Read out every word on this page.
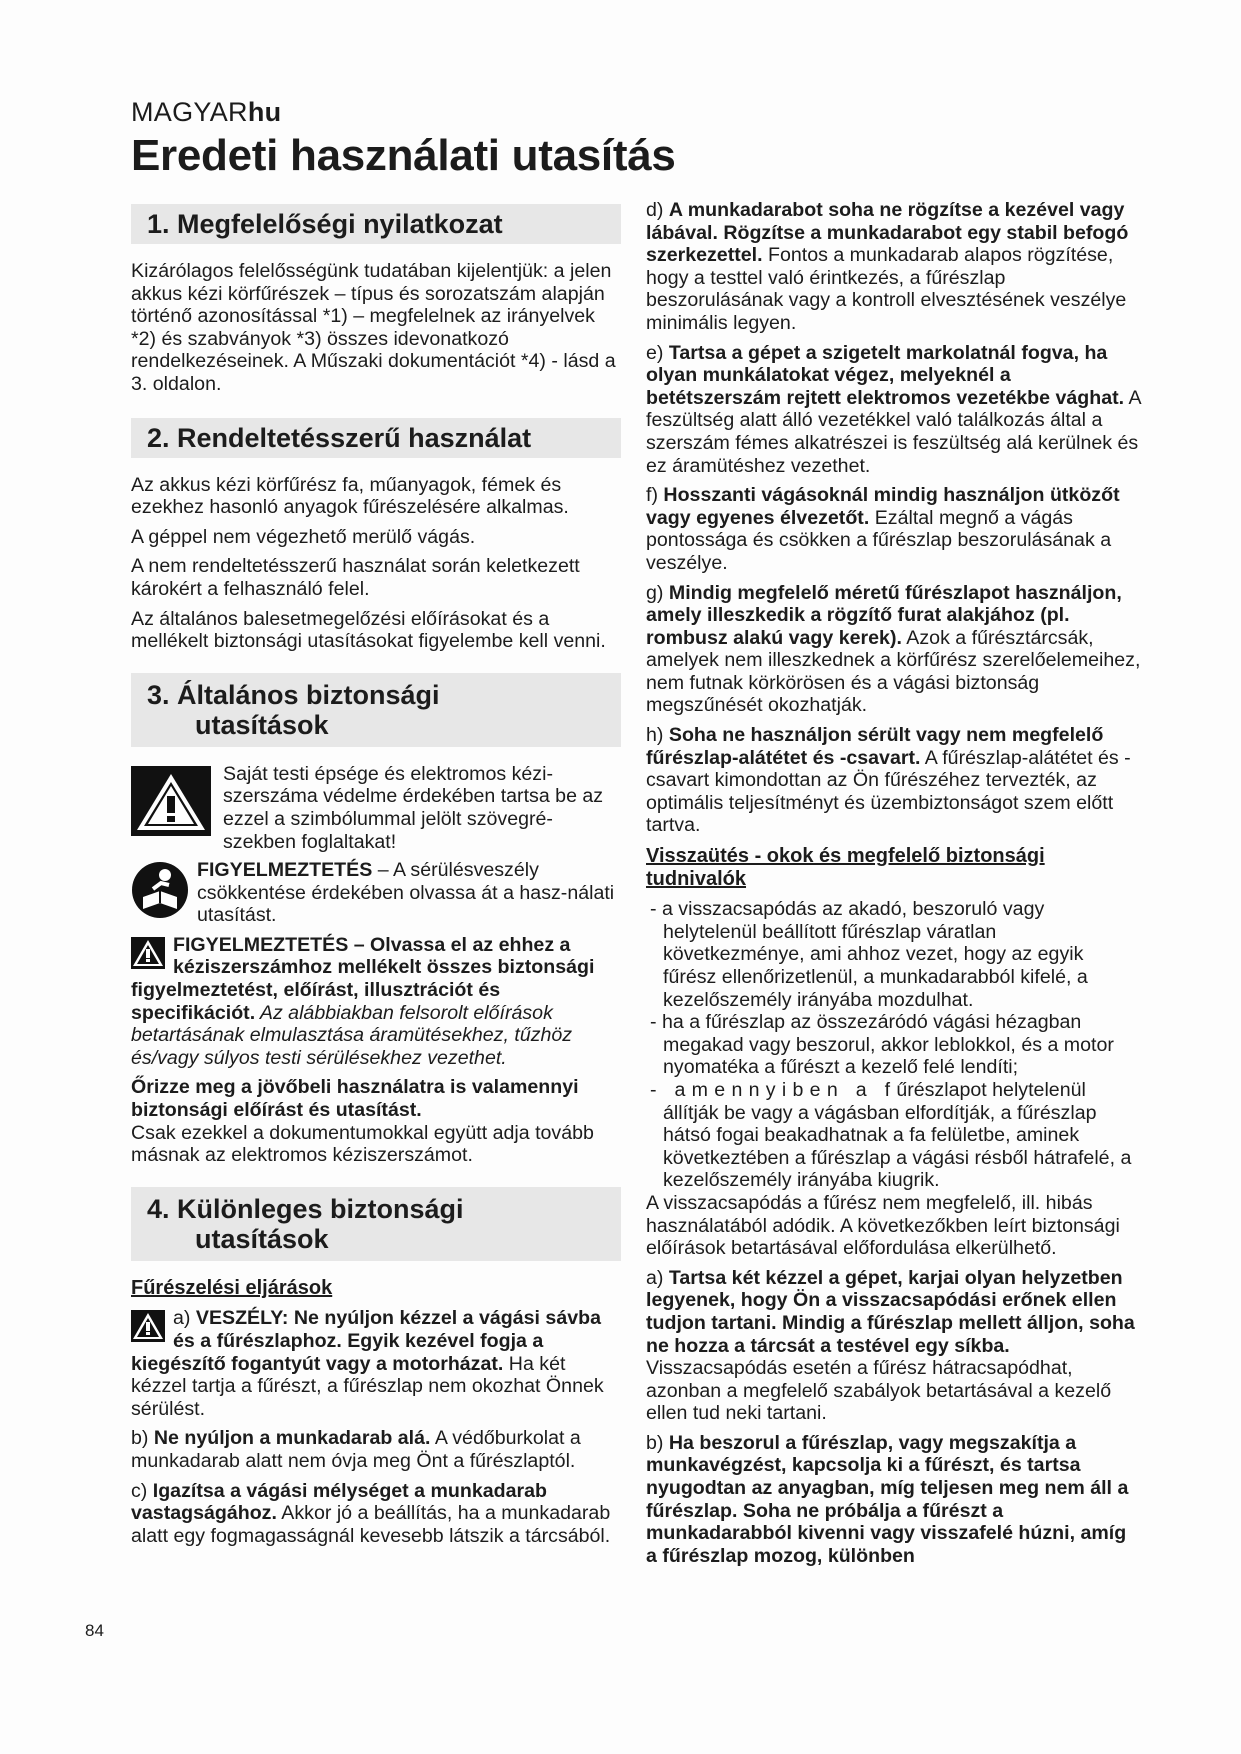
MAGYARhu
Eredeti használati utasítás
1. Megfelelőségi nyilatkozat

Kizárólagos felelősségünk tudatában kijelentjük: a jelen akkus kézi körfűrészek – típus és sorozatszám alapján történő azonosítással *1) – megfelelnek az irányelvek *2) és szabványok *3) összes idevonatkozó rendelkezéseinek. A Műszaki dokumentációt *4) - lásd a 3. oldalon.

2. Rendeltetésszerű használat

Az akkus kézi körfűrész fa, műanyagok, fémek és ezekhez hasonló anyagok fűrészelésére alkalmas.

A géppel nem végezhető merülő vágás.

A nem rendeltetésszerű használat során keletkezett károkért a felhasználó felel.

Az általános balesetmegelőzési előírásokat és a mellékelt biztonsági utasításokat figyelembe kell venni.

3. Általános biztonsági
utasítások
Saját testi épsége és elektromos kézi-szerszáma védelme érdekében tartsa be az ezzel a szimbólummal jelölt szövegré-szekben foglaltakat!
FIGYELMEZTETÉS – A sérülésveszély csökkentése érdekében olvassa át a hasz-nálati utasítást.

FIGYELMEZTETÉS – Olvassa el az ehhez a kéziszerszámhoz mellékelt összes biztonsági figyelmeztetést, előírást, illusztrációt és specifikációt. Az alábbiakban felsorolt előírások betartásának elmulasztása áramütésekhez, tűzhöz és/vagy súlyos testi sérülésekhez vezethet.

Őrizze meg a jövőbeli használatra is valamennyi biztonsági előírást és utasítást.

Csak ezekkel a dokumentumokkal együtt adja tovább másnak az elektromos kéziszerszámot.

4. Különleges biztonsági
utasítások
Fűrészelési eljárások

a) VESZÉLY: Ne nyúljon kézzel a vágási sávba és a fűrészlaphoz. Egyik kezével fogja a kiegészítő fogantyút vagy a motorházat. Ha két kézzel tartja a fűrészt, a fűrészlap nem okozhat Önnek sérülést.

b) Ne nyúljon a munkadarab alá. A védőburkolat a munkadarab alatt nem óvja meg Önt a fűrészlaptól.

c) Igazítsa a vágási mélységet a munkadarab vastagságához. Akkor jó a beállítás, ha a munkadarab alatt egy fogmagasságnál kevesebb látszik a tárcsából.

d) A munkadarabot soha ne rögzítse a kezével vagy lábával. Rögzítse a munkadarabot egy stabil befogó szerkezettel. Fontos a munkadarab alapos rögzítése, hogy a testtel való érintkezés, a fűrészlap beszorulásának vagy a kontroll elvesztésének veszélye minimális legyen.

e) Tartsa a gépet a szigetelt markolatnál fogva, ha olyan munkálatokat végez, melyeknél a betétszerszám rejtett elektromos vezetékbe vághat. A feszültség alatt álló vezetékkel való találkozás által a szerszám fémes alkatrészei is feszültség alá kerülnek és ez áramütéshez vezethet.

f) Hosszanti vágásoknál mindig használjon ütközőt vagy egyenes élvezetőt. Ezáltal megnő a vágás pontossága és csökken a fűrészlap beszorulásának a veszélye.

g) Mindig megfelelő méretű fűrészlapot használjon, amely illeszkedik a rögzítő furat alakjához (pl. rombusz alakú vagy kerek). Azok a fűrésztárcsák, amelyek nem illeszkednek a körfűrész szerelőelemeihez, nem futnak körkörösen és a vágási biztonság megszűnését okozhatják.

h) Soha ne használjon sérült vagy nem megfelelő fűrészlap-alátétet és -csavart. A fűrészlap-alátétet és -csavart kimondottan az Ön fűrészéhez tervezték, az optimális teljesítményt és üzembiztonságot szem előtt tartva.

Visszaütés - okok és megfelelő biztonsági tudnivalók

- a visszacsapódás az akadó, beszoruló vagy helytelenül beállított fűrészlap váratlan következménye, ami ahhoz vezet, hogy az egyik fűrész ellenőrizetlenül, a munkadarabból kifelé, a kezelőszemély irányába mozdulhat.

- ha a fűrészlap az összezáródó vágási hézagban megakad vagy beszorul, akkor leblokkol, és a motor nyomatéka a fűrészt a kezelő felé lendíti;

- amennyiben a fűrészlapot helytelenül állítják be vagy a vágásban elfordítják, a fűrészlap hátsó fogai beakadhatnak a fa felületbe, aminek következtében a fűrészlap a vágási résből hátrafelé, a kezelőszemély irányába kiugrik.

A visszacsapódás a fűrész nem megfelelő, ill. hibás használatából adódik. A következőkben leírt biztonsági előírások betartásával előfordulása elkerülhető.

a) Tartsa két kézzel a gépet, karjai olyan helyzetben legyenek, hogy Ön a visszacsapódási erőnek ellen tudjon tartani. Mindig a fűrészlap mellett álljon, soha ne hozza a tárcsát a testével egy síkba. Visszacsapódás esetén a fűrész hátracsapódhat, azonban a megfelelő szabályok betartásával a kezelő ellen tud neki tartani.

b) Ha beszorul a fűrészlap, vagy megszakítja a munkavégzést, kapcsolja ki a fűrészt, és tartsa nyugodtan az anyagban, míg teljesen meg nem áll a fűrészlap. Soha ne próbálja a fűrészt a munkadarabból kivenni vagy visszafelé húzni, amíg a fűrészlap mozog, különben

84
